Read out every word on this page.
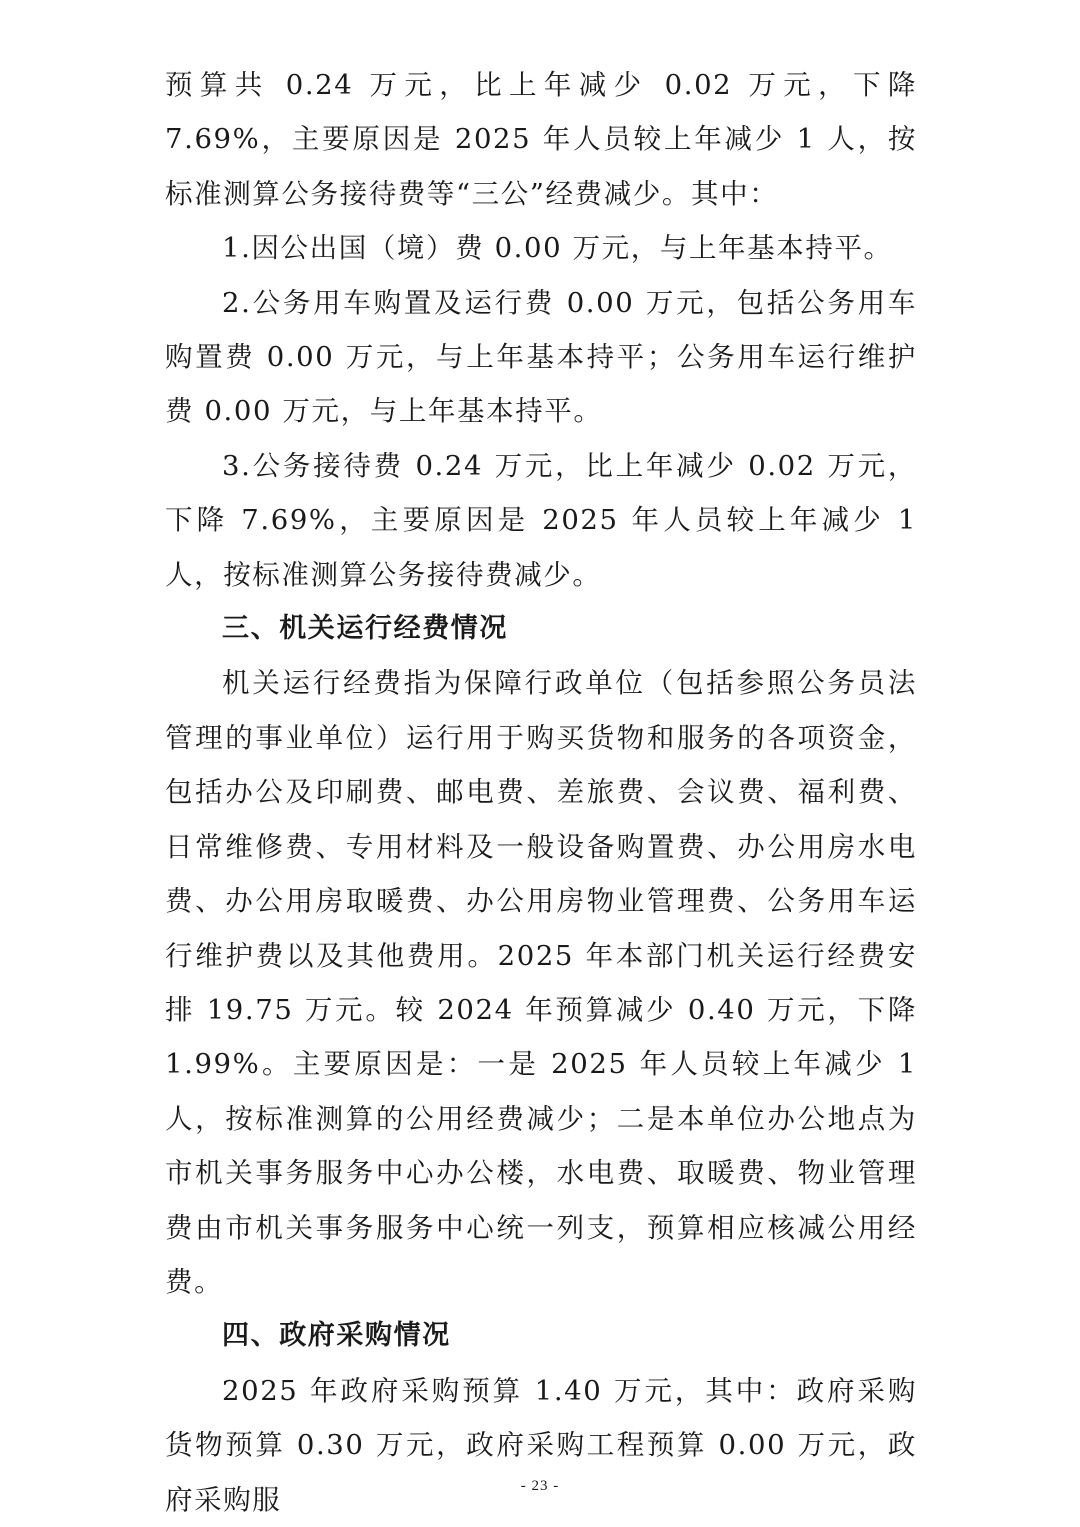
预算共 0.24 万元，比上年减少 0.02 万元，下降 7.69%，主要原因是 2025 年人员较上年减少 1 人，按标准测算公务接待费等“三公”经费减少。其中：

1.因公出国（境）费 0.00 万元，与上年基本持平。

2.公务用车购置及运行费 0.00 万元，包括公务用车购置费 0.00 万元，与上年基本持平；公务用车运行维护费 0.00 万元，与上年基本持平。

3.公务接待费 0.24 万元，比上年减少 0.02 万元，下降 7.69%，主要原因是 2025 年人员较上年减少 1 人，按标准测算公务接待费减少。

三、机关运行经费情况

机关运行经费指为保障行政单位（包括参照公务员法管理的事业单位）运行用于购买货物和服务的各项资金，包括办公及印刷费、邮电费、差旅费、会议费、福利费、日常维修费、专用材料及一般设备购置费、办公用房水电费、办公用房取暖费、办公用房物业管理费、公务用车运行维护费以及其他费用。2025 年本部门机关运行经费安排 19.75 万元。较 2024 年预算减少 0.40 万元，下降 1.99%。主要原因是：一是 2025 年人员较上年减少 1 人，按标准测算的公用经费减少；二是本单位办公地点为市机关事务服务中心办公楼，水电费、取暖费、物业管理费由市机关事务服务中心统一列支，预算相应核减公用经费。

四、政府采购情况

2025 年政府采购预算 1.40 万元，其中：政府采购货物预算 0.30 万元，政府采购工程预算 0.00 万元，政府采购服	- 23 -
